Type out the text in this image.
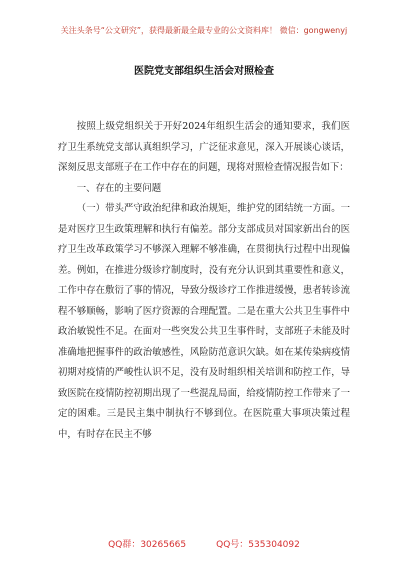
关注头条号“公文研究”，获得最新最全最专业的公文资料库！ 微信：gongwenyj
医院党支部组织生活会对照检查

按照上级党组织关于开好2024年组织生活会的通知要求，我们医疗卫生系统党支部认真组织学习，广泛征求意见，深入开展谈心谈话，深刻反思支部班子在工作中存在的问题，现将对照检查情况报告如下：

一、存在的主要问题

（一）带头严守政治纪律和政治规矩，维护党的团结统一方面。一是对医疗卫生政策理解和执行有偏差。部分支部成员对国家新出台的医疗卫生改革政策学习不够深入理解不够准确，在贯彻执行过程中出现偏差。例如，在推进分级诊疗制度时，没有充分认识到其重要性和意义，工作中存在敷衍了事的情况，导致分级诊疗工作推进缓慢，患者转诊流程不够顺畅，影响了医疗资源的合理配置。二是在重大公共卫生事件中政治敏锐性不足。在面对一些突发公共卫生事件时，支部班子未能及时准确地把握事件的政治敏感性，风险防范意识欠缺。如在某传染病疫情初期对疫情的严峻性认识不足，没有及时组织相关培训和防控工作，导致医院在疫情防控初期出现了一些混乱局面，给疫情防控工作带来了一定的困难。三是民主集中制执行不够到位。在医院重大事项决策过程中，有时存在民主不够

QQ群：30265665	QQ号：535304092
